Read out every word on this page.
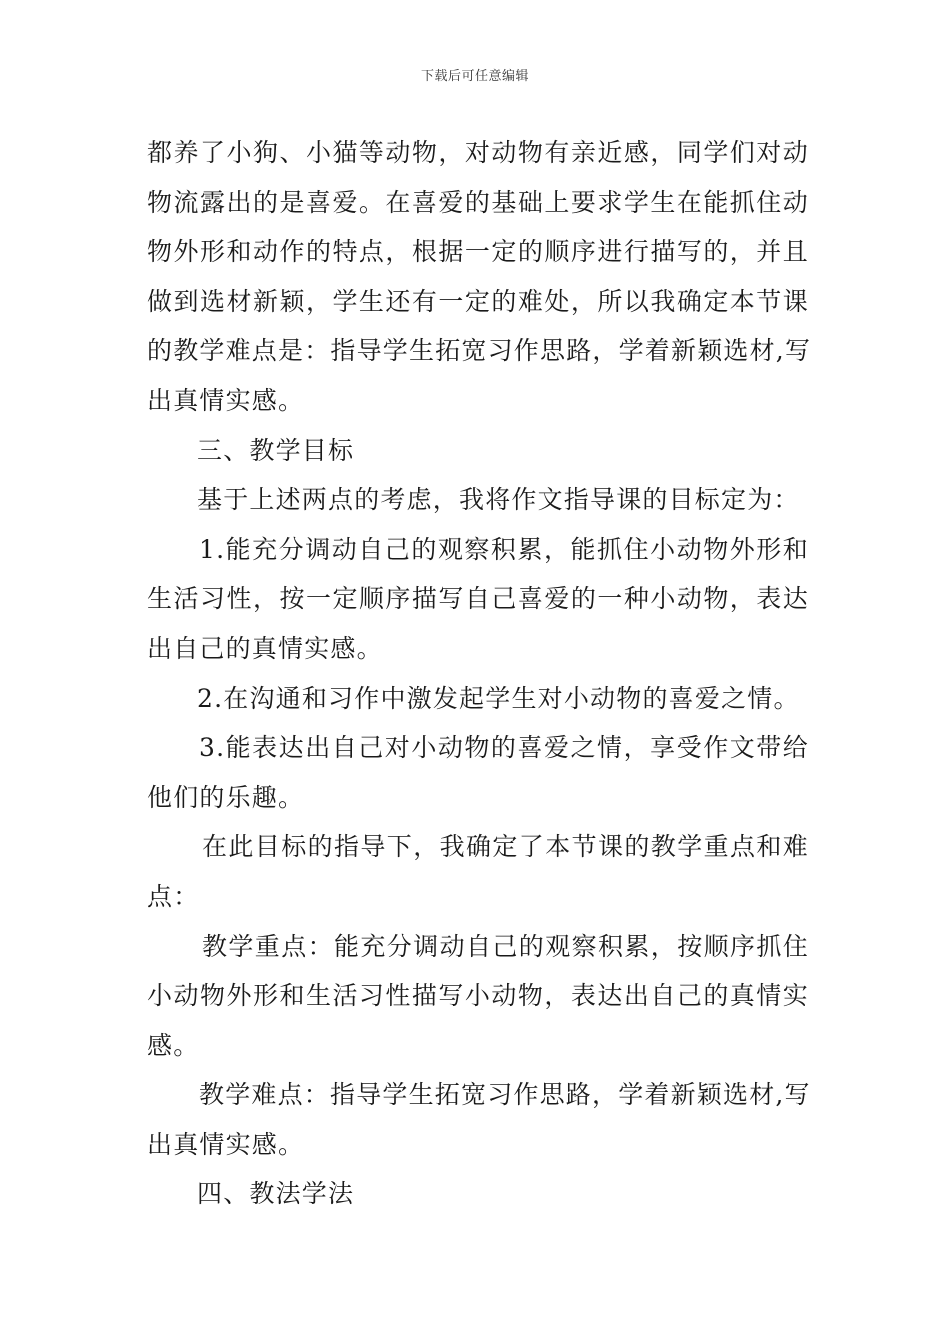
下载后可任意编辑
都养了小狗、小猫等动物，对动物有亲近感，同学们对动
物流露出的是喜爱。在喜爱的基础上要求学生在能抓住动
物外形和动作的特点，根据一定的顺序进行描写的，并且
做到选材新颖，学生还有一定的难处，所以我确定本节课
的教学难点是：指导学生拓宽习作思路，学着新颖选材,写
出真情实感。
三、教学目标
基于上述两点的考虑，我将作文指导课的目标定为：
1.能充分调动自己的观察积累，能抓住小动物外形和
生活习性，按一定顺序描写自己喜爱的一种小动物，表达
出自己的真情实感。
2.在沟通和习作中激发起学生对小动物的喜爱之情。
3.能表达出自己对小动物的喜爱之情，享受作文带给
他们的乐趣。
在此目标的指导下，我确定了本节课的教学重点和难
点：
教学重点：能充分调动自己的观察积累，按顺序抓住
小动物外形和生活习性描写小动物，表达出自己的真情实
感。
教学难点：指导学生拓宽习作思路，学着新颖选材,写
出真情实感。
四、教法学法
